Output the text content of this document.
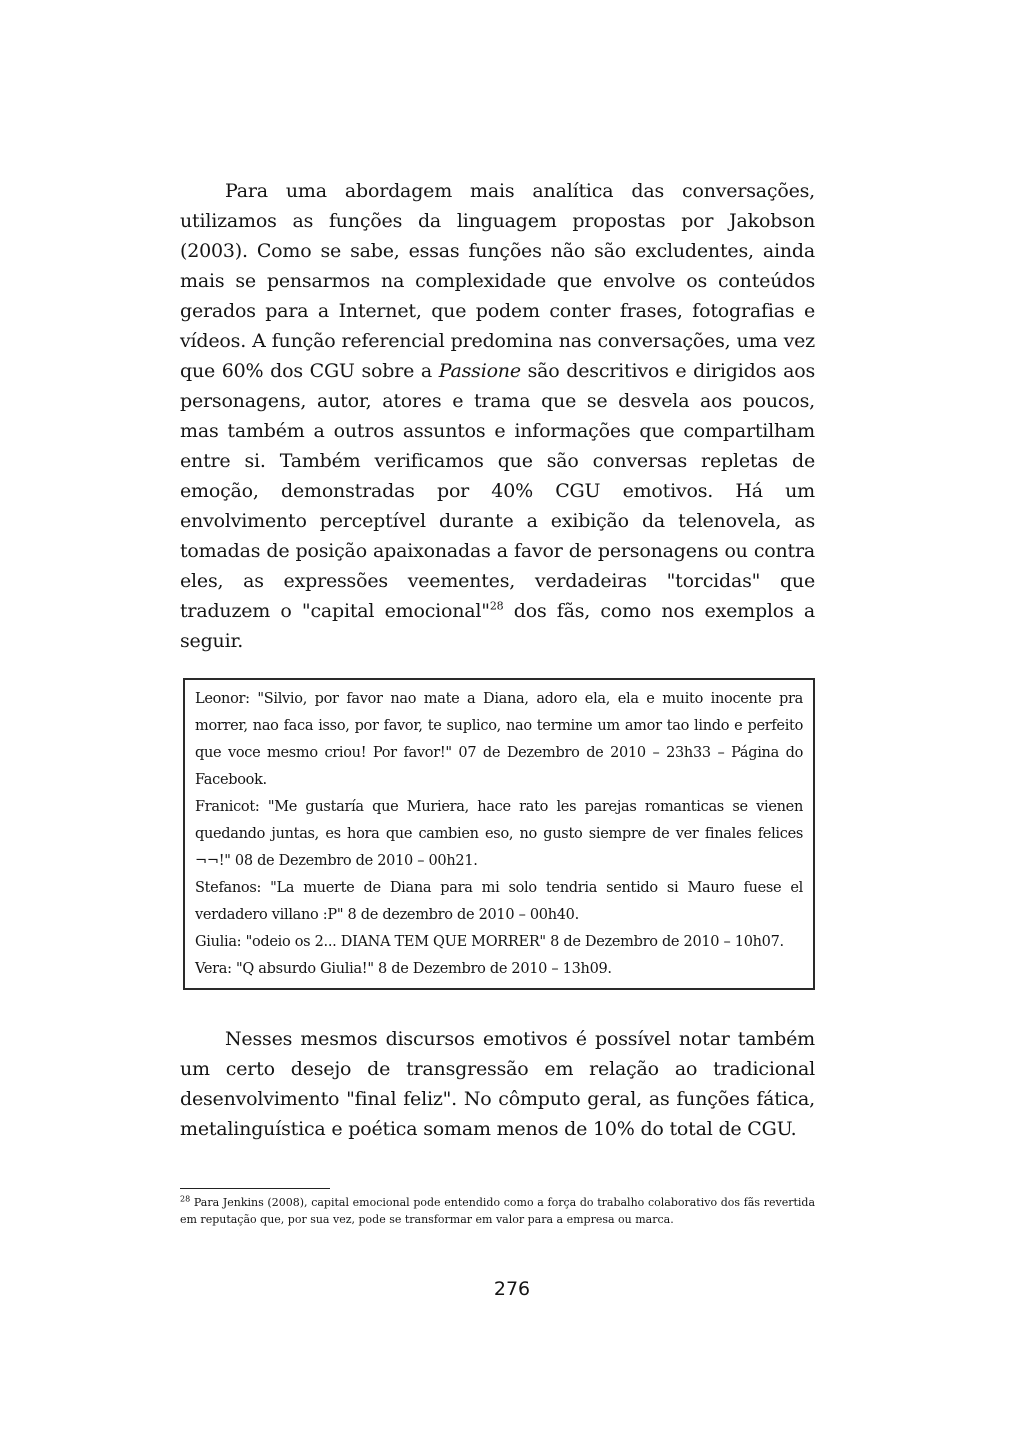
Para uma abordagem mais analítica das conversações, utilizamos as funções da linguagem propostas por Jakobson (2003). Como se sabe, essas funções não são excludentes, ainda mais se pensarmos na complexidade que envolve os conteúdos gerados para a Internet, que podem conter frases, fotografias e vídeos. A função referencial predomina nas conversações, uma vez que 60% dos CGU sobre a Passione são descritivos e dirigidos aos personagens, autor, atores e trama que se desvela aos poucos, mas também a outros assuntos e informações que compartilham entre si. Também verificamos que são conversas repletas de emoção, demonstradas por 40% CGU emotivos. Há um envolvimento perceptível durante a exibição da telenovela, as tomadas de posição apaixonadas a favor de personagens ou contra eles, as expressões veementes, verdadeiras "torcidas" que traduzem o "capital emocional"$^{28}$ dos fãs, como nos exemplos a seguir.

Leonor: "Silvio, por favor nao mate a Diana, adoro ela, ela e muito inocente pra morrer, nao faca isso, por favor, te suplico, nao termine um amor tao lindo e perfeito que voce mesmo criou! Por favor!" 07 de Dezembro de 2010 – 23h33 – Página do Facebook.

Franicot: "Me gustaría que Muriera, hace rato les parejas romanticas se vienen quedando juntas, es hora que cambien eso, no gusto siempre de ver finales felices ¬¬!" 08 de Dezembro de 2010 – 00h21.

Stefanos: "La muerte de Diana para mi solo tendria sentido si Mauro fuese el verdadero villano :P" 8 de dezembro de 2010 – 00h40.

Giulia: "odeio os 2... DIANA TEM QUE MORRER" 8 de Dezembro de 2010 – 10h07.

Vera: "Q absurdo Giulia!" 8 de Dezembro de 2010 – 13h09.

Nesses mesmos discursos emotivos é possível notar também um certo desejo de transgressão em relação ao tradicional desenvolvimento "final feliz". No cômputo geral, as funções fática, metalinguística e poética somam menos de 10% do total de CGU.

$^{28}$ Para Jenkins (2008), capital emocional pode entendido como a força do trabalho colaborativo dos fãs revertida em reputação que, por sua vez, pode se transformar em valor para a empresa ou marca.

276
